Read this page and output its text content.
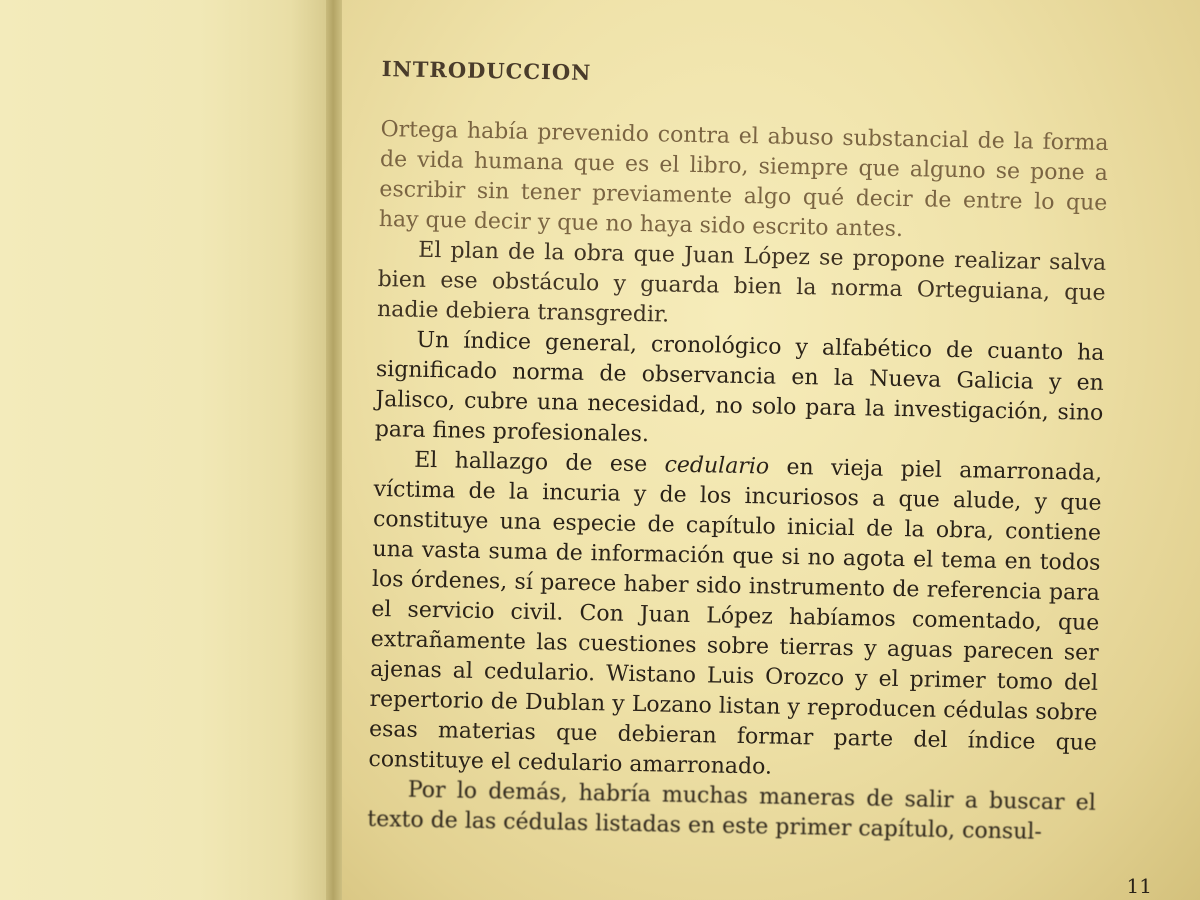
INTRODUCCION

Ortega había prevenido contra el abuso substancial de la forma de vida humana que es el libro, siempre que alguno se pone a escribir sin tener previamente algo qué decir de entre lo que hay que decir y que no haya sido escrito antes.

El plan de la obra que Juan López se propone realizar salva bien ese obstáculo y guarda bien la norma Orteguiana, que nadie debiera transgredir.

Un índice general, cronológico y alfabético de cuanto ha significado norma de observancia en la Nueva Galicia y en Jalisco, cubre una necesidad, no solo para la investigación, sino para fines profesionales.

El hallazgo de ese cedulario en vieja piel amarronada, víctima de la incuria y de los incuriosos a que alude, y que constituye una especie de capítulo inicial de la obra, contiene una vasta suma de información que si no agota el tema en todos los órdenes, sí parece haber sido instrumento de referencia para el servicio civil. Con Juan López habíamos comentado, que extrañamente las cuestiones sobre tierras y aguas parecen ser ajenas al cedulario. Wistano Luis Orozco y el primer tomo del repertorio de Dublan y Lozano listan y reproducen cédulas sobre esas materias que debieran formar parte del índice que constituye el cedulario amarronado.

Por lo demás, habría muchas maneras de salir a buscar el texto de las cédulas listadas en este primer capítulo, consul-

11
